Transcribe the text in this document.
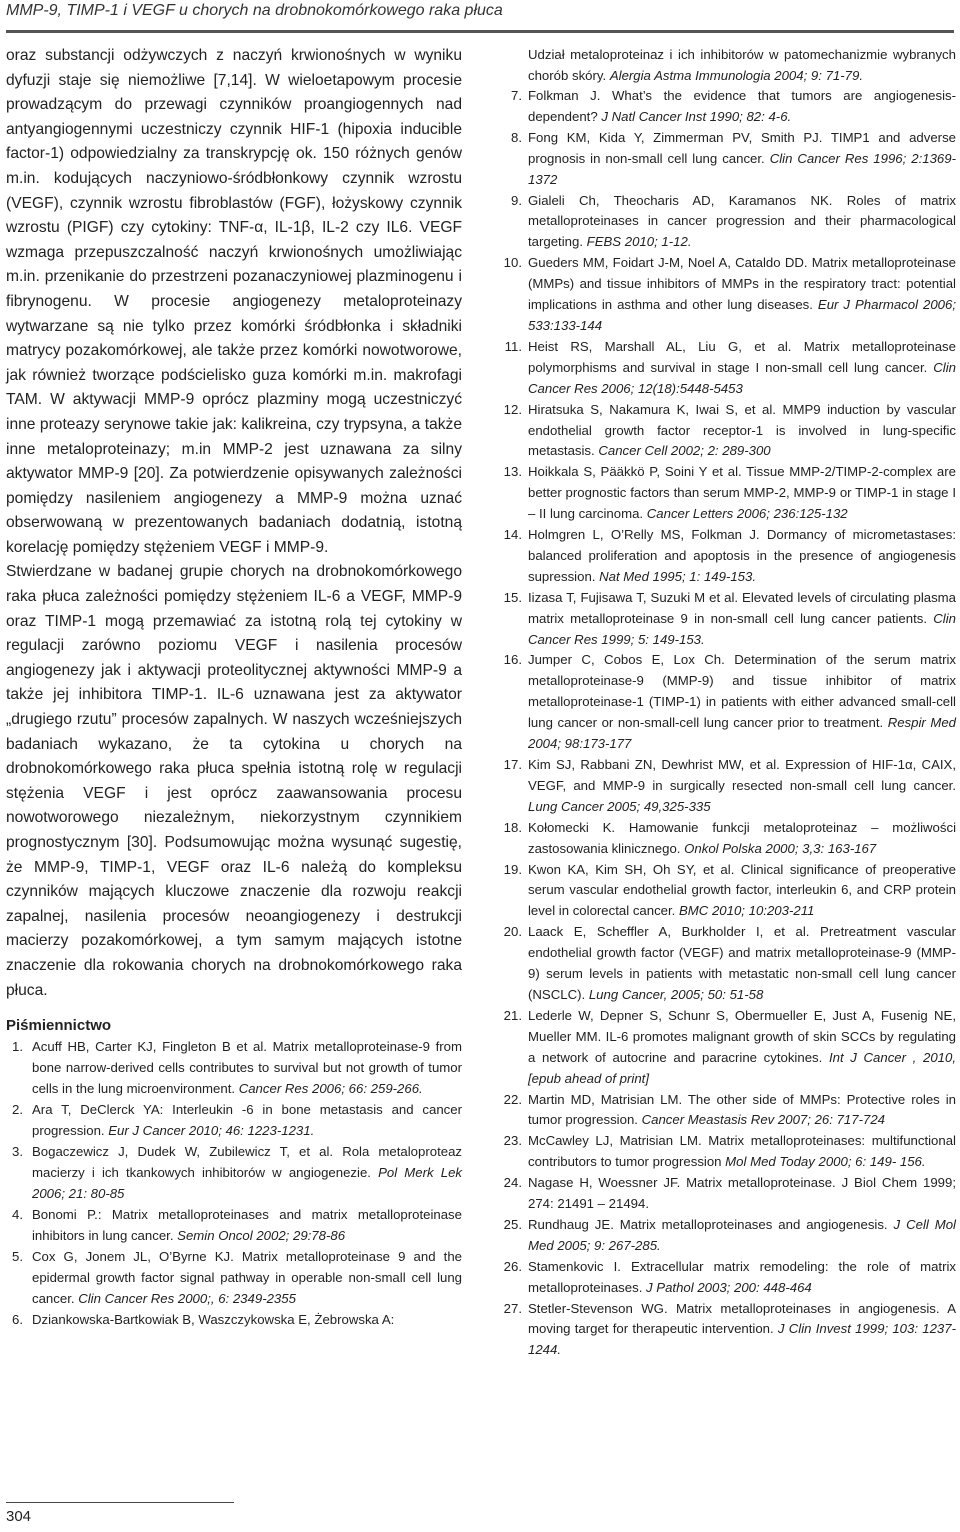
MMP-9, TIMP-1 i VEGF u chorych na drobnokomórkowego raka płuca

oraz substancji odżywczych z naczyń krwionośnych w wyniku dyfuzji staje się niemożliwe [7,14]. W wieloetapowym procesie prowadzącym do przewagi czynników proangiogennych nad antyangiogennymi uczestniczy czynnik HIF-1 (hipoxia inducible factor-1) odpowiedzialny za transkrypcję ok. 150 różnych genów m.in. kodujących naczyniowo-śródbłonkowy czynnik wzrostu (VEGF), czynnik wzrostu fibroblastów (FGF), łożyskowy czynnik wzrostu (PIGF) czy cytokiny: TNF-α, IL-1β, IL-2 czy IL6. VEGF wzmaga przepuszczalność naczyń krwionośnych umożliwiając m.in. przenikanie do przestrzeni pozanaczyniowej plazminogenu i fibrynogenu. W procesie angiogenezy metaloproteinazy wytwarzane są nie tylko przez komórki śródbłonka i składniki matrycy pozakomórkowej, ale także przez komórki nowotworowe, jak również tworzące podścielisko guza komórki m.in. makrofagi TAM. W aktywacji MMP-9 oprócz plazminy mogą uczestniczyć inne proteazy serynowe takie jak: kalikreina, czy trypsyna, a także inne metaloproteinazy; m.in MMP-2 jest uznawana za silny aktywator MMP-9 [20]. Za potwierdzenie opisywanych zależności pomiędzy nasileniem angiogenezy a MMP-9 można uznać obserwowaną w prezentowanych badaniach dodatnią, istotną korelację pomiędzy stężeniem VEGF i MMP-9.

Stwierdzane w badanej grupie chorych na drobnokomórkowego raka płuca zależności pomiędzy stężeniem IL-6 a VEGF, MMP-9 oraz TIMP-1 mogą przemawiać za istotną rolą tej cytokiny w regulacji zarówno poziomu VEGF i nasilenia procesów angiogenezy jak i aktywacji proteolitycznej aktywności MMP-9 a także jej inhibitora TIMP-1. IL-6 uznawana jest za aktywator „drugiego rzutu” procesów zapalnych. W naszych wcześniejszych badaniach wykazano, że ta cytokina u chorych na drobnokomórkowego raka płuca spełnia istotną rolę w regulacji stężenia VEGF i jest oprócz zaawansowania procesu nowotworowego niezależnym, niekorzystnym czynnikiem prognostycznym [30]. Podsumowując można wysunąć sugestię, że MMP-9, TIMP-1, VEGF oraz IL-6 należą do kompleksu czynników mających kluczowe znaczenie dla rozwoju reakcji zapalnej, nasilenia procesów neoangiogenezy i destrukcji macierzy pozakomórkowej, a tym samym mających istotne znaczenie dla rokowania chorych na drobnokomórkowego raka płuca.

Piśmiennictwo
1. Acuff HB, Carter KJ, Fingleton B et al. Matrix metalloproteinase-9 from bone narrow-derived cells contributes to survival but not growth of tumor cells in the lung microenvironment. Cancer Res 2006; 66: 259-266.
2. Ara T, DeClerck YA: Interleukin -6 in bone metastasis and cancer progression. Eur J Cancer 2010; 46: 1223-1231.
3. Bogaczewicz J, Dudek W, Zubilewicz T, et al. Rola metaloproteaz macierzy i ich tkankowych inhibitorów w angiogenezie. Pol Merk Lek 2006; 21: 80-85
4. Bonomi P.: Matrix metalloproteinases and matrix metalloproteinase inhibitors in lung cancer. Semin Oncol 2002; 29:78-86
5. Cox G, Jonem JL, O’Byrne KJ. Matrix metalloproteinase 9 and the epidermal growth factor signal pathway in operable non-small cell lung cancer. Clin Cancer Res 2000;, 6: 2349-2355
6. Dziankowska-Bartkowiak B, Waszczykowska E, Żebrowska A:
Udział metaloproteinaz i ich inhibitorów w patomechanizmie wybranych chorób skóry. Alergia Astma Immunologia 2004; 9: 71-79.
7. Folkman J. What’s the evidence that tumors are angiogenesis-dependent? J Natl Cancer Inst 1990; 82: 4-6.
8. Fong KM, Kida Y, Zimmerman PV, Smith PJ. TIMP1 and adverse prognosis in non-small cell lung cancer. Clin Cancer Res 1996; 2:1369-1372
9. Gialeli Ch, Theocharis AD, Karamanos NK. Roles of matrix metalloproteinases in cancer progression and their pharmacological targeting. FEBS 2010; 1-12.
10. Gueders MM, Foidart J-M, Noel A, Cataldo DD. Matrix metalloproteinase (MMPs) and tissue inhibitors of MMPs in the respiratory tract: potential implications in asthma and other lung diseases. Eur J Pharmacol 2006; 533:133-144
11. Heist RS, Marshall AL, Liu G, et al. Matrix metalloproteinase polymorphisms and survival in stage I non-small cell lung cancer. Clin Cancer Res 2006; 12(18):5448-5453
12. Hiratsuka S, Nakamura K, Iwai S, et al. MMP9 induction by vascular endothelial growth factor receptor-1 is involved in lung-specific metastasis. Cancer Cell 2002; 2: 289-300
13. Hoikkala S, Pääkkö P, Soini Y et al. Tissue MMP-2/TIMP-2-complex are better prognostic factors than serum MMP-2, MMP-9 or TIMP-1 in stage I – II lung carcinoma. Cancer Letters 2006; 236:125-132
14. Holmgren L, O’Relly MS, Folkman J. Dormancy of micrometastases: balanced proliferation and apoptosis in the presence of angiogenesis supression. Nat Med 1995; 1: 149-153.
15. Iizasa T, Fujisawa T, Suzuki M et al. Elevated levels of circulating plasma matrix metalloproteinase 9 in non-small cell lung cancer patients. Clin Cancer Res 1999; 5: 149-153.
16. Jumper C, Cobos E, Lox Ch. Determination of the serum matrix metalloproteinase-9 (MMP-9) and tissue inhibitor of matrix metalloproteinase-1 (TIMP-1) in patients with either advanced small-cell lung cancer or non-small-cell lung cancer prior to treatment. Respir Med 2004; 98:173-177
17. Kim SJ, Rabbani ZN, Dewhrist MW, et al. Expression of HIF-1α, CAIX, VEGF, and MMP-9 in surgically resected non-small cell lung cancer. Lung Cancer 2005; 49,325-335
18. Kołomecki K. Hamowanie funkcji metaloproteinaz – możliwości zastosowania klinicznego. Onkol Polska 2000; 3,3: 163-167
19. Kwon KA, Kim SH, Oh SY, et al. Clinical significance of preoperative serum vascular endothelial growth factor, interleukin 6, and CRP protein level in colorectal cancer. BMC 2010; 10:203-211
20. Laack E, Scheffler A, Burkholder I, et al. Pretreatment vascular endothelial growth factor (VEGF) and matrix metalloproteinase-9 (MMP-9) serum levels in patients with metastatic non-small cell lung cancer (NSCLC). Lung Cancer, 2005; 50: 51-58
21. Lederle W, Depner S, Schunr S, Obermueller E, Just A, Fusenig NE, Mueller MM. IL-6 promotes malignant growth of skin SCCs by regulating a network of autocrine and paracrine cytokines. Int J Cancer , 2010, [epub ahead of print]
22. Martin MD, Matrisian LM. The other side of MMPs: Protective roles in tumor progression. Cancer Meastasis Rev 2007; 26: 717-724
23. McCawley LJ, Matrisian LM. Matrix metalloproteinases: multifunctional contributors to tumor progression Mol Med Today 2000; 6: 149- 156.
24. Nagase H, Woessner JF. Matrix metalloproteinase. J Biol Chem 1999; 274: 21491 – 21494.
25. Rundhaug JE. Matrix metalloproteinases and angiogenesis. J Cell Mol Med 2005; 9: 267-285.
26. Stamenkovic I. Extracellular matrix remodeling: the role of matrix metalloproteinases. J Pathol 2003; 200: 448-464
27. Stetler-Stevenson WG. Matrix metalloproteinases in angiogenesis. A moving target for therapeutic intervention. J Clin Invest 1999; 103: 1237-1244.
304
